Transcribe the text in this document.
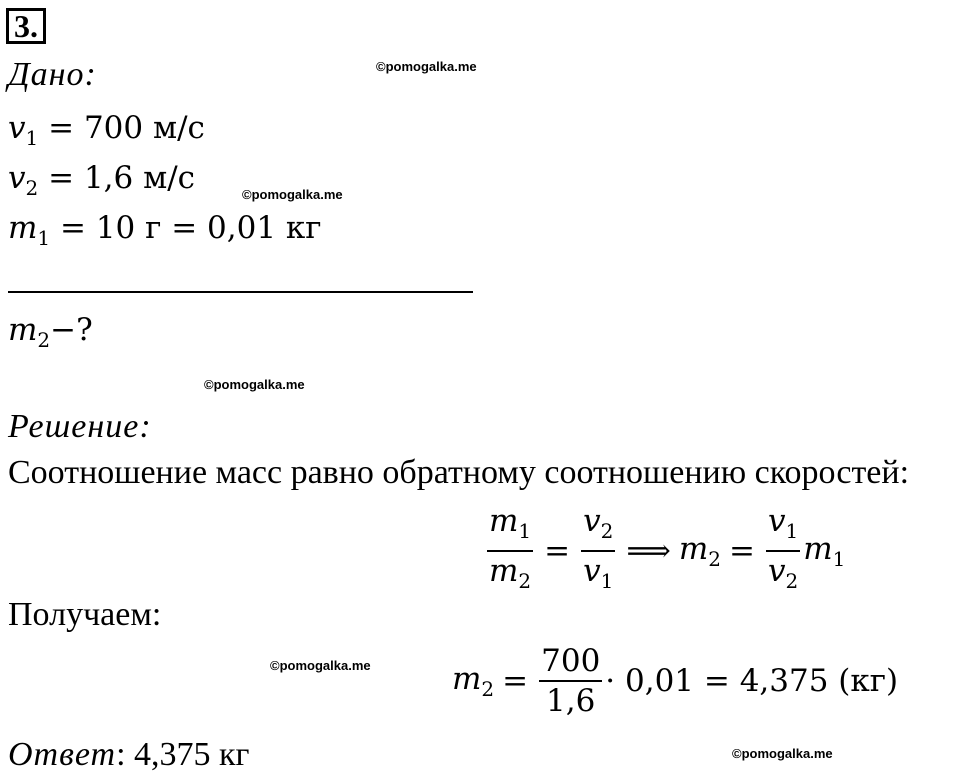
3.
Дано:	©pomogalka.me
$v_1 = 700$ м/с
$v_2 = 1,6$ м/с	©pomogalka.me
$m_1 = 10$ г = 0,01 кг
$m_2-$?
©pomogalka.me
Решение:
Соотношение масс равно обратному соотношению скоростей:
$\frac{m_1}{m_2} = \frac{v_2}{v_1}$ ⟹ $m_2 = \frac{v_1}{v_2} m_1$
Получаем:
©pomogalka.me	$m_2 = \frac{700}{1,6} \cdot 0,01 = 4,375$ (кг)
Ответ: 4,375 кг	©pomogalka.me
